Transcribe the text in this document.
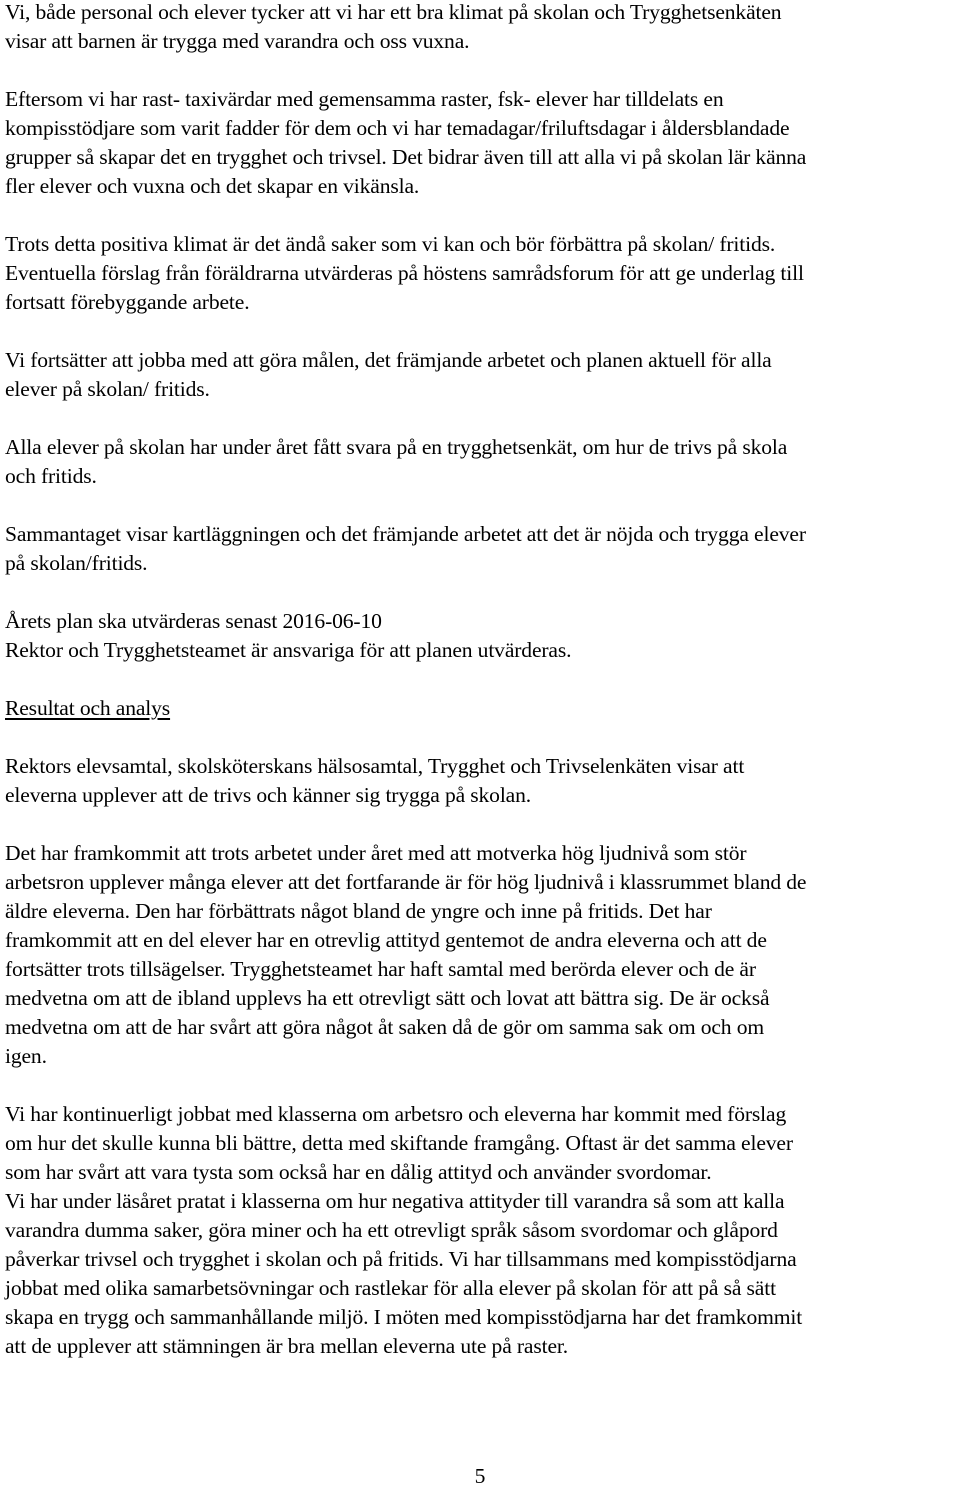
Vi, både personal och elever tycker att vi har ett bra klimat på skolan och Trygghetsenkäten
visar att barnen är trygga med varandra och oss vuxna.
Eftersom vi har rast- taxivärdar med gemensamma raster, fsk- elever har tilldelats en
kompisstödjare som varit fadder för dem och vi har temadagar/friluftsdagar i åldersblandade
grupper så skapar det en trygghet och trivsel. Det bidrar även till att alla vi på skolan lär känna
fler elever och vuxna och det skapar en vikänsla.
Trots detta positiva klimat är det ändå saker som vi kan och bör förbättra på skolan/ fritids.
Eventuella förslag från föräldrarna utvärderas på höstens samrådsforum för att ge underlag till
fortsatt förebyggande arbete.
Vi fortsätter att jobba med att göra målen, det främjande arbetet och planen aktuell för alla
elever på skolan/ fritids.
Alla elever på skolan har under året fått svara på en trygghetsenkät, om hur de trivs på skola
och fritids.
Sammantaget visar kartläggningen och det främjande arbetet att det är nöjda och trygga elever
på skolan/fritids.
Årets plan ska utvärderas senast 2016-06-10
Rektor och Trygghetsteamet är ansvariga för att planen utvärderas.
Resultat och analys
Rektors elevsamtal, skolsköterskans hälsosamtal, Trygghet och Trivselenkäten visar att
eleverna upplever att de trivs och känner sig trygga på skolan.
Det har framkommit att trots arbetet under året med att motverka hög ljudnivå som stör
arbetsron upplever många elever att det fortfarande är för hög ljudnivå i klassrummet bland de
äldre eleverna. Den har förbättrats något bland de yngre och inne på fritids. Det har
framkommit att en del elever har en otrevlig attityd gentemot de andra eleverna och att de
fortsätter trots tillsägelser. Trygghetsteamet har haft samtal med berörda elever och de är
medvetna om att de ibland upplevs ha ett otrevligt sätt och lovat att bättra sig. De är också
medvetna om att de har svårt att göra något åt saken då de gör om samma sak om och om
igen.
Vi har kontinuerligt jobbat med klasserna om arbetsro och eleverna har kommit med förslag
om hur det skulle kunna bli bättre, detta med skiftande framgång. Oftast är det samma elever
som har svårt att vara tysta som också har en dålig attityd och använder svordomar.
Vi har under läsåret pratat i klasserna om hur negativa attityder till varandra så som att kalla
varandra dumma saker, göra miner och ha ett otrevligt språk såsom svordomar och glåpord
påverkar trivsel och trygghet i skolan och på fritids. Vi har tillsammans med kompisstödjarna
jobbat med olika samarbetsövningar och rastlekar för alla elever på skolan för att på så sätt
skapa en trygg och sammanhållande miljö. I möten med kompisstödjarna har det framkommit
att de upplever att stämningen är bra mellan eleverna ute på raster.
5
